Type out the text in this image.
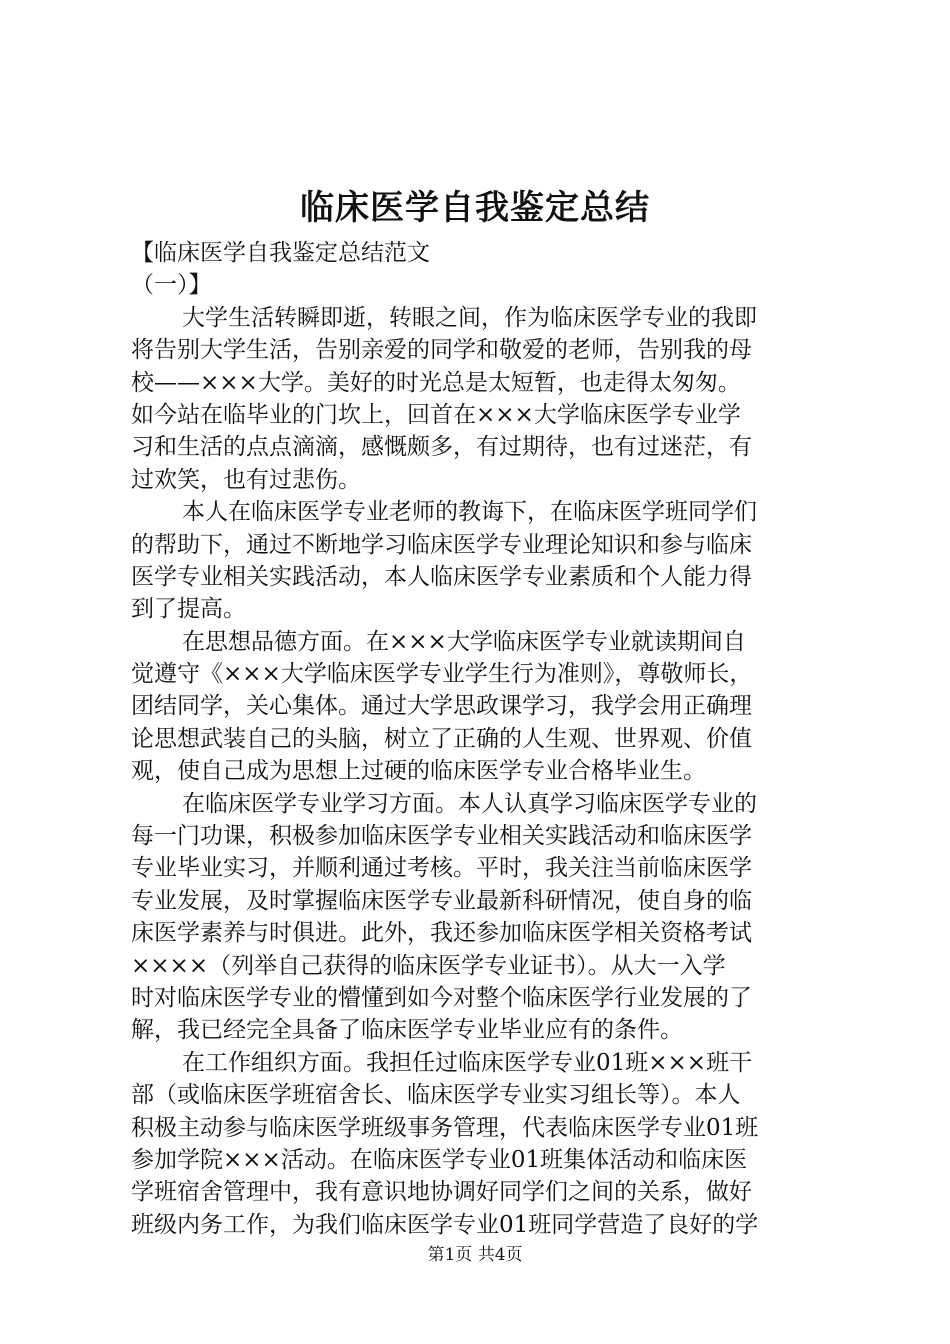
临床医学自我鉴定总结
【临床医学自我鉴定总结范文
（一）】
大学生活转瞬即逝，转眼之间，作为临床医学专业的我即
将告别大学生活，告别亲爱的同学和敬爱的老师，告别我的母
校——×××大学。美好的时光总是太短暂，也走得太匆匆。
如今站在临毕业的门坎上，回首在×××大学临床医学专业学
习和生活的点点滴滴，感慨颇多，有过期待，也有过迷茫，有
过欢笑，也有过悲伤。
本人在临床医学专业老师的教诲下，在临床医学班同学们
的帮助下，通过不断地学习临床医学专业理论知识和参与临床
医学专业相关实践活动，本人临床医学专业素质和个人能力得
到了提高。
在思想品德方面。在×××大学临床医学专业就读期间自
觉遵守《×××大学临床医学专业学生行为准则》，尊敬师长，
团结同学，关心集体。通过大学思政课学习，我学会用正确理
论思想武装自己的头脑，树立了正确的人生观、世界观、价值
观，使自己成为思想上过硬的临床医学专业合格毕业生。
在临床医学专业学习方面。本人认真学习临床医学专业的
每一门功课，积极参加临床医学专业相关实践活动和临床医学
专业毕业实习，并顺利通过考核。平时，我关注当前临床医学
专业发展，及时掌握临床医学专业最新科研情况，使自身的临
床医学素养与时俱进。此外，我还参加临床医学相关资格考试
××××（列举自己获得的临床医学专业证书）。从大一入学
时对临床医学专业的懵懂到如今对整个临床医学行业发展的了
解，我已经完全具备了临床医学专业毕业应有的条件。
在工作组织方面。我担任过临床医学专业01班×××班干
部（或临床医学班宿舍长、临床医学专业实习组长等）。本人
积极主动参与临床医学班级事务管理，代表临床医学专业01班
参加学院×××活动。在临床医学专业01班集体活动和临床医
学班宿舍管理中，我有意识地协调好同学们之间的关系，做好
班级内务工作，为我们临床医学专业01班同学营造了良好的学
第1页 共4页
